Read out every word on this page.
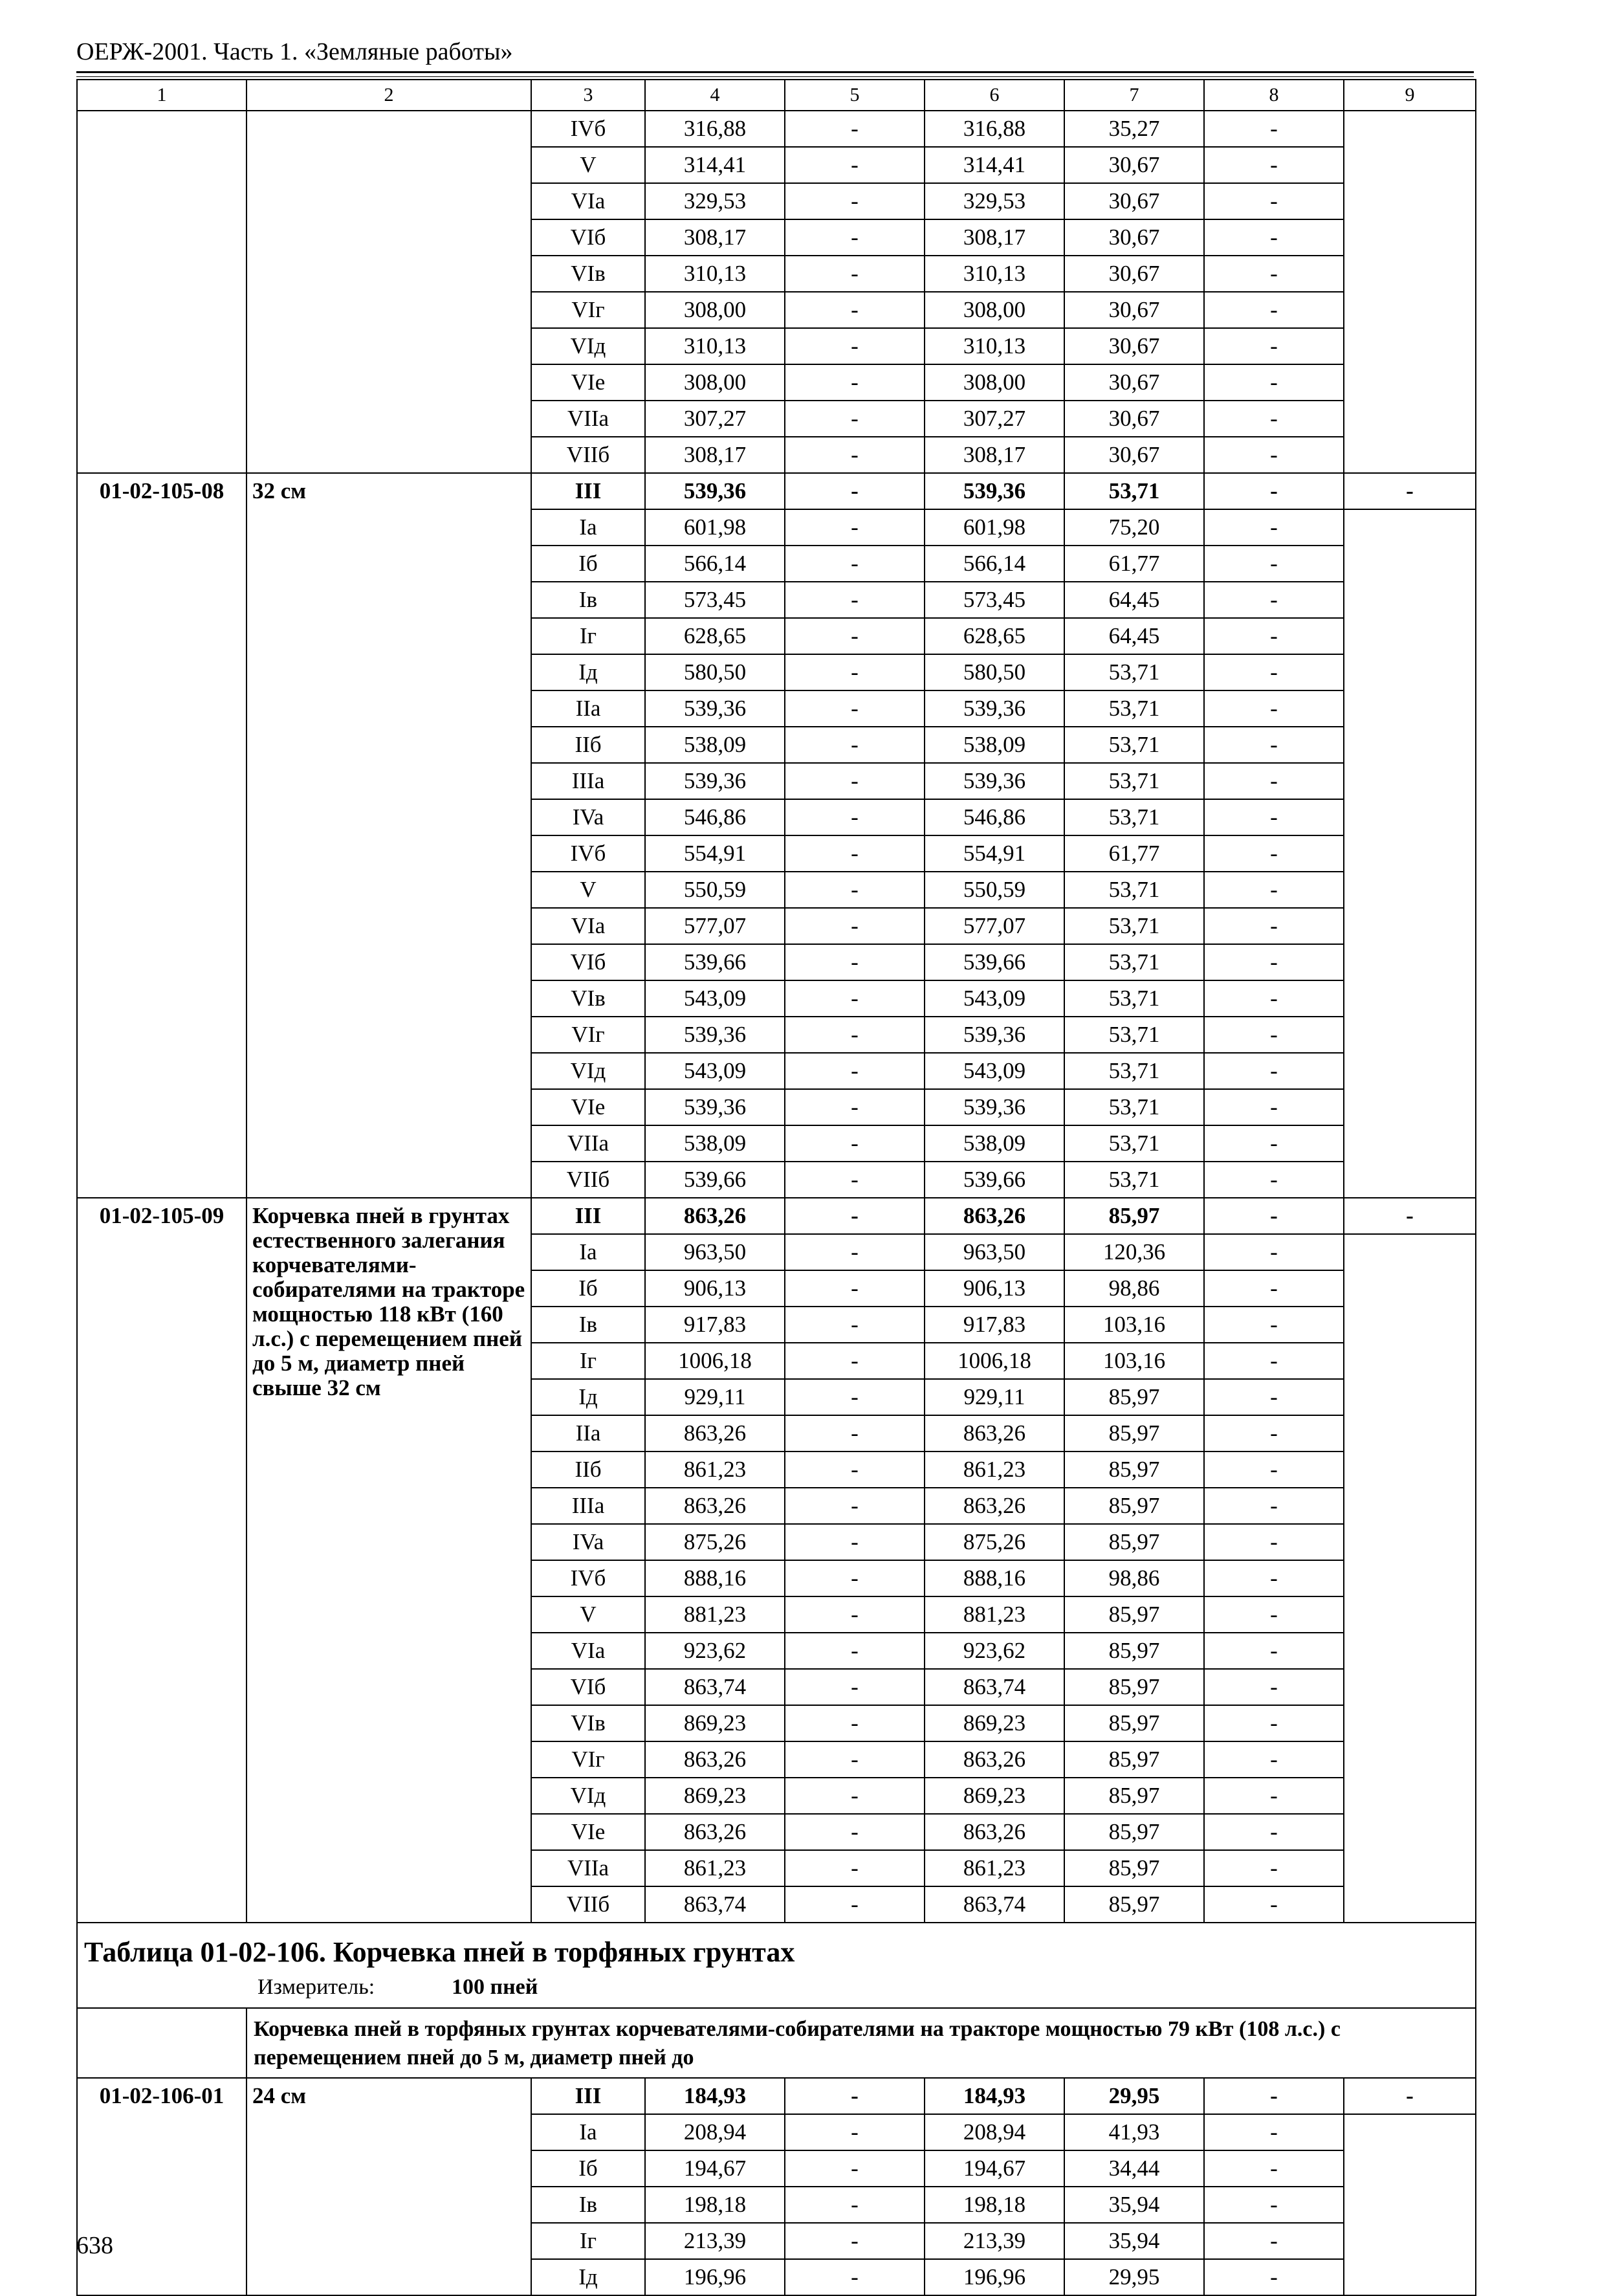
ОЕРЖ-2001. Часть 1. «Земляные работы»
1	2	3	4	5	6	7	8	9
		IVб	316,88	-	316,88	35,27	-	
		V	314,41	-	314,41	30,67	-	
		VIa	329,53	-	329,53	30,67	-	
		VIб	308,17	-	308,17	30,67	-	
		VIв	310,13	-	310,13	30,67	-	
		VIг	308,00	-	308,00	30,67	-	
		VIд	310,13	-	310,13	30,67	-	
		VIе	308,00	-	308,00	30,67	-	
		VIIa	307,27	-	307,27	30,67	-	
		VIIб	308,17	-	308,17	30,67	-	
01-02-105-08	32 см	III	539,36	-	539,36	53,71	-	-
		Ia	601,98	-	601,98	75,20	-	
		Iб	566,14	-	566,14	61,77	-	
		Iв	573,45	-	573,45	64,45	-	
		Iг	628,65	-	628,65	64,45	-	
		Iд	580,50	-	580,50	53,71	-	
		IIa	539,36	-	539,36	53,71	-	
		IIб	538,09	-	538,09	53,71	-	
		IIIa	539,36	-	539,36	53,71	-	
		IVa	546,86	-	546,86	53,71	-	
		IVб	554,91	-	554,91	61,77	-	
		V	550,59	-	550,59	53,71	-	
		VIa	577,07	-	577,07	53,71	-	
		VIб	539,66	-	539,66	53,71	-	
		VIв	543,09	-	543,09	53,71	-	
		VIг	539,36	-	539,36	53,71	-	
		VIд	543,09	-	543,09	53,71	-	
		VIе	539,36	-	539,36	53,71	-	
		VIIa	538,09	-	538,09	53,71	-	
		VIIб	539,66	-	539,66	53,71	-	
01-02-105-09	Корчевка пней в грунтах естественного залегания корчевателями-собирателями на тракторе мощностью 118 кВт (160 л.с.) с перемещением пней до 5 м, диаметр пней свыше 32 см	III	863,26	-	863,26	85,97	-	-
		Ia	963,50	-	963,50	120,36	-	
		Iб	906,13	-	906,13	98,86	-	
		Iв	917,83	-	917,83	103,16	-	
		Iг	1006,18	-	1006,18	103,16	-	
		Iд	929,11	-	929,11	85,97	-	
		IIa	863,26	-	863,26	85,97	-	
		IIб	861,23	-	861,23	85,97	-	
		IIIa	863,26	-	863,26	85,97	-	
		IVa	875,26	-	875,26	85,97	-	
		IVб	888,16	-	888,16	98,86	-	
		V	881,23	-	881,23	85,97	-	
		VIa	923,62	-	923,62	85,97	-	
		VIб	863,74	-	863,74	85,97	-	
		VIв	869,23	-	869,23	85,97	-	
		VIг	863,26	-	863,26	85,97	-	
		VIд	869,23	-	869,23	85,97	-	
		VIе	863,26	-	863,26	85,97	-	
		VIIa	861,23	-	861,23	85,97	-	
		VIIб	863,74	-	863,74	85,97	-	

Таблица 01-02-106. Корчевка пней в торфяных грунтах
Измеритель: 100 пней								

	Корчевка пней в торфяных грунтах корчевателями-собирателями на тракторе мощностью 79 кВт (108 л.с.) с перемещением пней до 5 м, диаметр пней до							
01-02-106-01	24 см	III	184,93	-	184,93	29,95	-	-
		Ia	208,94	-	208,94	41,93	-	
		Iб	194,67	-	194,67	34,44	-	
		Iв	198,18	-	198,18	35,94	-	
		Iг	213,39	-	213,39	35,94	-	
		Iд	196,96	-	196,96	29,95	-	
638
